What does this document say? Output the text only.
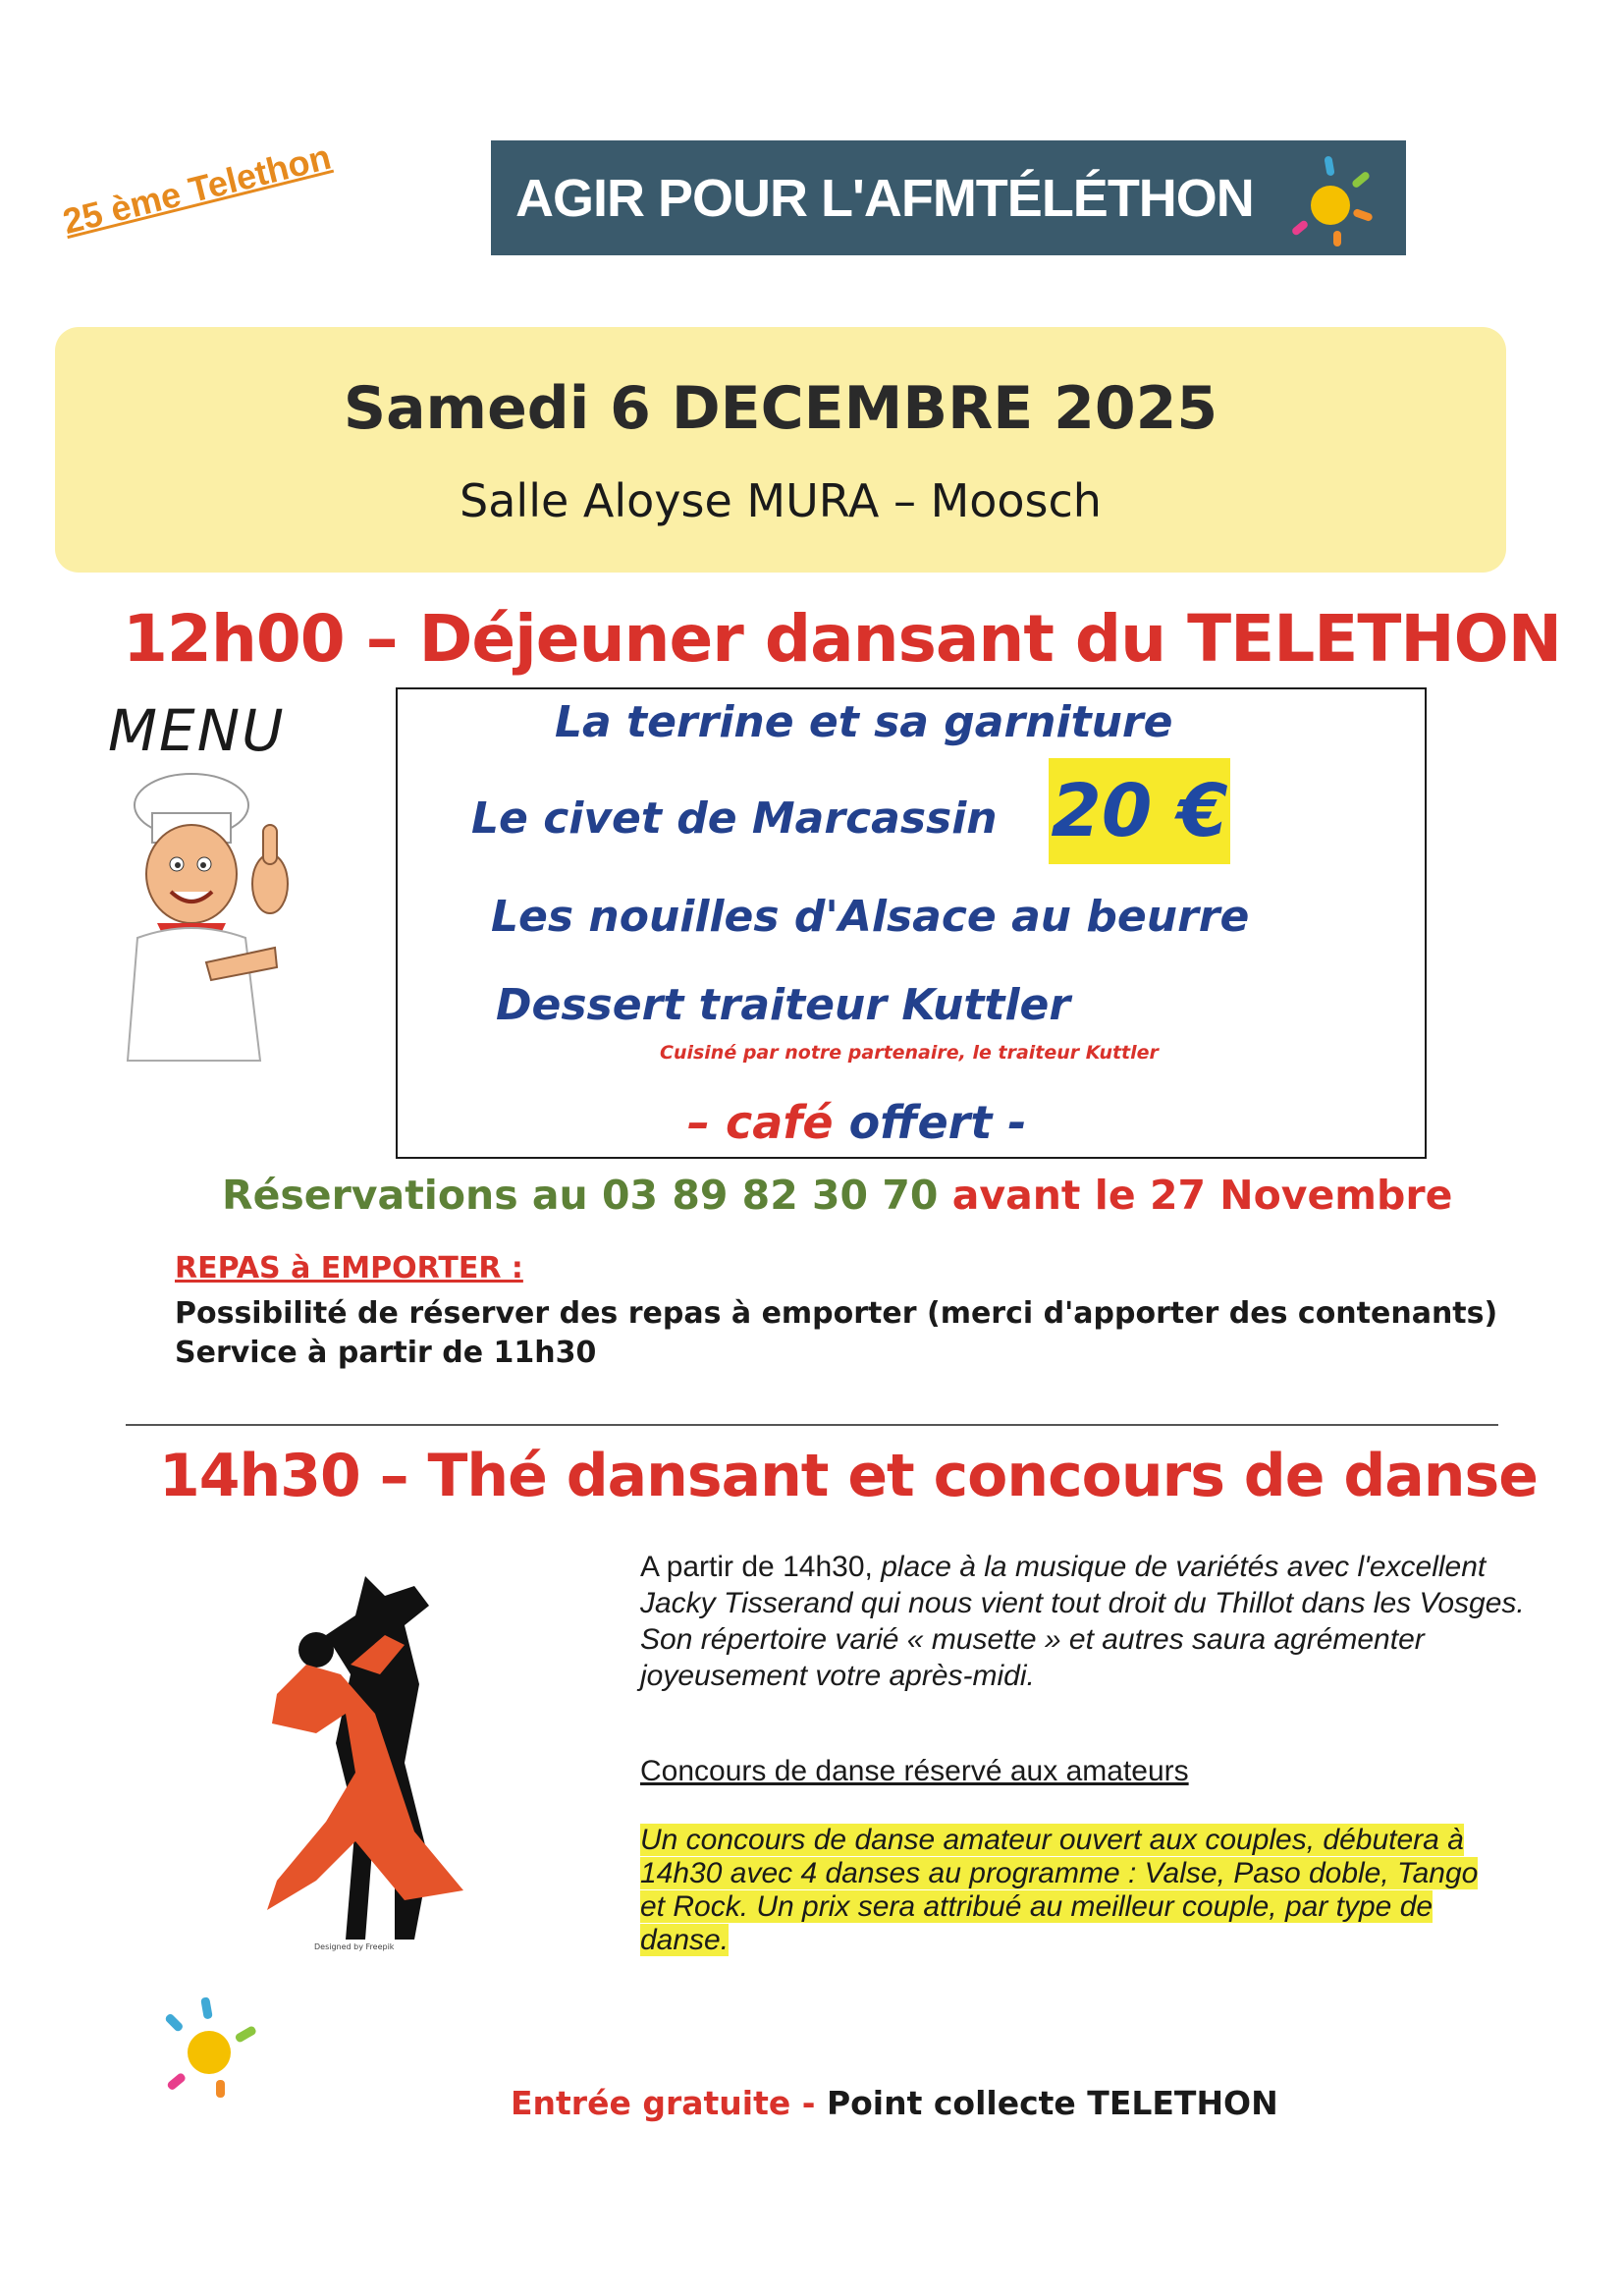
25 ème Telethon	AGIR POUR L'AFMTÉLÉTHON
Samedi 6 DECEMBRE 2025
Salle Aloyse MURA – Moosch
12h00 – Déjeuner dansant du TELETHON
MENU	La terrine et sa garniture
Le civet de Marcassin 20 €
Les nouilles d'Alsace au beurre
Dessert traiteur Kuttler
Cuisiné par notre partenaire, le traiteur Kuttler
– café offert -
Réservations au 03 89 82 30 70 avant le 27 Novembre
REPAS à EMPORTER :
Possibilité de réserver des repas à emporter (merci d'apporter des contenants)
Service à partir de 11h30
14h30 – Thé dansant et concours de danse
Designed by Freepik
A partir de 14h30, place à la musique de variétés avec l'excellent Jacky Tisserand qui nous vient tout droit du Thillot dans les Vosges. Son répertoire varié « musette » et autres saura agrémenter joyeusement votre après-midi.
Concours de danse réservé aux amateurs
Un concours de danse amateur ouvert aux couples, débutera à 14h30 avec 4 danses au programme : Valse, Paso doble, Tango et Rock. Un prix sera attribué au meilleur couple, par type de danse.
Entrée gratuite - Point collecte TELETHON
